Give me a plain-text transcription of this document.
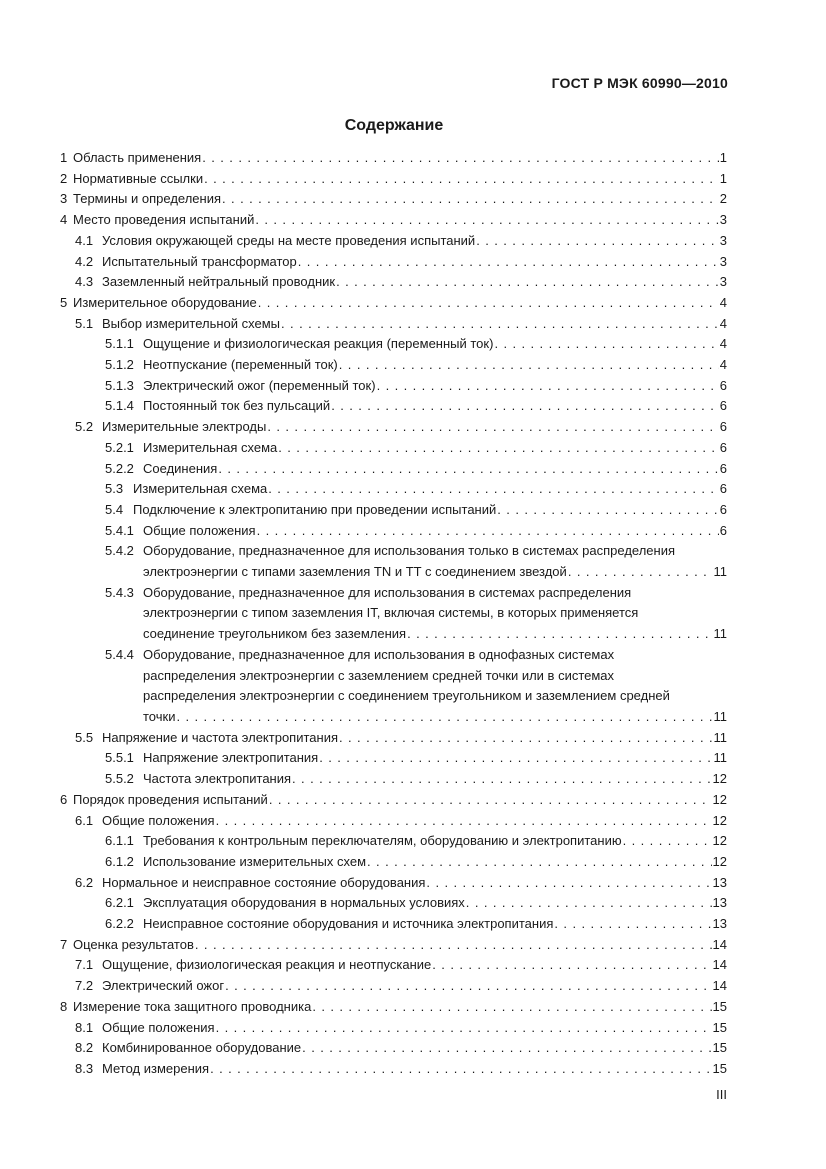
ГОСТ Р МЭК 60990—2010
Содержание
1 Область применения . . .	1
2 Нормативные ссылки . . .	1
3 Термины и определения . . .	2
4 Место проведения испытаний . . .	3
4.1 Условия окружающей среды на месте проведения испытаний . . .	3
4.2 Испытательный трансформатор . . .	3
4.3 Заземленный нейтральный проводник . . .	3
5 Измерительное оборудование . . .	4
5.1 Выбор измерительной схемы . . .	4
5.1.1 Ощущение и физиологическая реакция (переменный ток) . . .	4
5.1.2 Неотпускание (переменный ток) . . .	4
5.1.3 Электрический ожог (переменный ток) . . .	6
5.1.4 Постоянный ток без пульсаций . . .	6
5.2 Измерительные электроды . . .	6
5.2.1 Измерительная схема . . .	6
5.2.2 Соединения . . .	6
5.3 Измерительная схема . . .	6
5.4 Подключение к электропитанию при проведении испытаний . . .	6
5.4.1 Общие положения . . .	6
5.4.2 Оборудование, предназначенное для использования только в системах распределения
электроэнергии с типами заземления TN и TT с соединением звездой . . .	11
5.4.3 Оборудование, предназначенное для использования в системах распределения
электроэнергии с типом заземления IT, включая системы, в которых применяется
соединение треугольником без заземления . . .	11
5.4.4 Оборудование, предназначенное для использования в однофазных системах
распределения электроэнергии с заземлением средней точки или в системах
распределения электроэнергии с соединением треугольником и заземлением средней
точки . . .	11
5.5 Напряжение и частота электропитания . . .	11
5.5.1 Напряжение электропитания . . .	11
5.5.2 Частота электропитания . . .	12
6 Порядок проведения испытаний . . .	12
6.1 Общие положения . . .	12
6.1.1 Требования к контрольным переключателям, оборудованию и электропитанию . . .	12
6.1.2 Использование измерительных схем . . .	12
6.2 Нормальное и неисправное состояние оборудования . . .	13
6.2.1 Эксплуатация оборудования в нормальных условиях . . .	13
6.2.2 Неисправное состояние оборудования и источника электропитания . . .	13
7 Оценка результатов . . .	14
7.1 Ощущение, физиологическая реакция и неотпускание . . .	14
7.2 Электрический ожог . . .	14
8 Измерение тока защитного проводника . . .	15
8.1 Общие положения . . .	15
8.2 Комбинированное оборудование . . .	15
8.3 Метод измерения . . .	15
III
